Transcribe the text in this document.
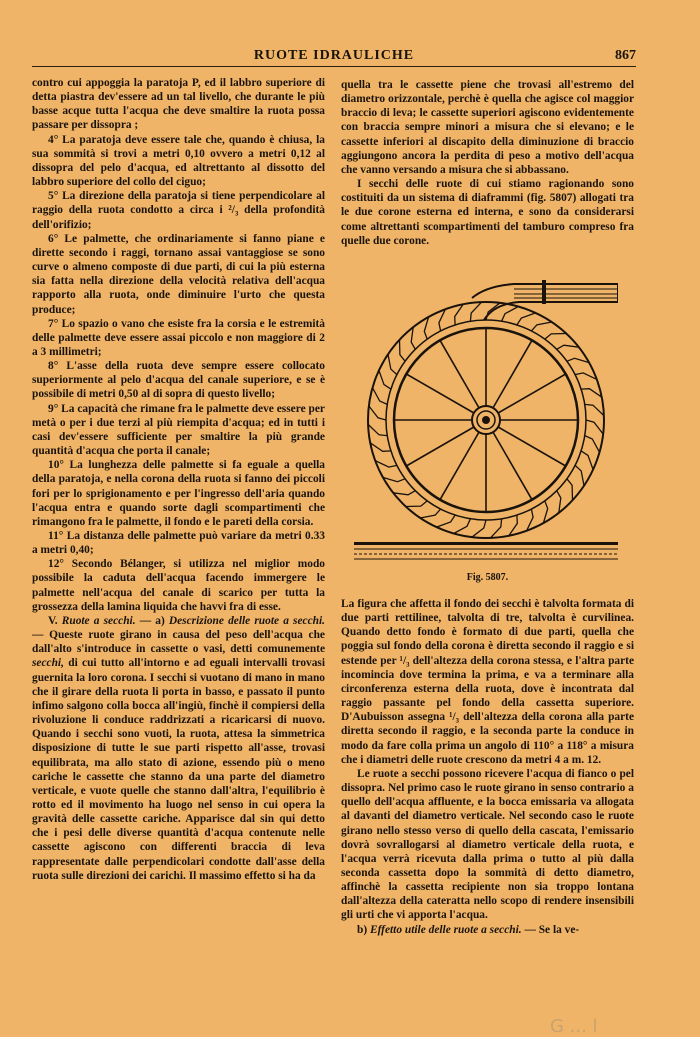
RUOTE IDRAULICHE	867

contro cui appoggia la paratoja P, ed il labbro superiore di detta piastra dev'essere ad un tal livello, che durante le più basse acque tutta l'acqua che deve smaltire la ruota possa passare per dissopra ;

4° La paratoja deve essere tale che, quando è chiusa, la sua sommità si trovi a metri 0,10 ovvero a metri 0,12 al dissopra del pelo d'acqua, ed altrettanto al dissotto del labbro superiore del collo del ciguo;

5° La direzione della paratoja si tiene perpendicolare al raggio della ruota condotto a circa i ²/₃ della profondità dell'orifizio;

6° Le palmette, che ordinariamente si fanno piane e dirette secondo i raggi, tornano assai vantaggiose se sono curve o almeno composte di due parti, di cui la più esterna sia fatta nella direzione della velocità relativa dell'acqua rapporto alla ruota, onde diminuire l'urto che questa produce;

7° Lo spazio o vano che esiste fra la corsia e le estremità delle palmette deve essere assai piccolo e non maggiore di 2 a 3 millimetri;

8° L'asse della ruota deve sempre essere collocato superiormente al pelo d'acqua del canale superiore, e se è possibile di metri 0,50 al di sopra di questo livello;

9° La capacità che rimane fra le palmette deve essere per metà o per i due terzi al più riempita d'acqua; ed in tutti i casi dev'essere sufficiente per smaltire la più grande quantità d'acqua che porta il canale;

10° La lunghezza delle palmette si fa eguale a quella della paratoja, e nella corona della ruota si fanno dei piccoli fori per lo sprigionamento e per l'ingresso dell'aria quando l'acqua entra e quando sorte dagli scompartimenti che rimangono fra le palmette, il fondo e le pareti della corsia.

11° La distanza delle palmette può variare da metri 0.33 a metri 0,40;

12° Secondo Bélanger, si utilizza nel miglior modo possibile la caduta dell'acqua facendo immergere le palmette nell'acqua del canale di scarico per tutta la grossezza della lamina liquida che havvi fra di esse.

V. Ruote a secchi. — a) Descrizione delle ruote a secchi. — Queste ruote girano in causa del peso dell'acqua che dall'alto s'introduce in cassette o vasi, detti comunemente secchi, di cui tutto all'intorno e ad eguali intervalli trovasi guernita la loro corona. I secchi si vuotano di mano in mano che il girare della ruota li porta in basso, e passato il punto infimo salgono colla bocca all'ingiù, finchè il compiersi della rivoluzione li conduce raddrizzati a ricaricarsi di nuovo. Quando i secchi sono vuoti, la ruota, attesa la simmetrica disposizione di tutte le sue parti rispetto all'asse, trovasi equilibrata, ma allo stato di azione, essendo più o meno cariche le cassette che stanno da una parte del diametro verticale, e vuote quelle che stanno dall'altra, l'equilibrio è rotto ed il movimento ha luogo nel senso in cui opera la gravità delle cassette cariche. Apparisce dal sin qui detto che i pesi delle diverse quantità d'acqua contenute nelle cassette agiscono con differenti braccia di leva rappresentate dalle perpendicolari condotte dall'asse della ruota sulle direzioni dei carichi. Il massimo effetto si ha da

quella tra le cassette piene che trovasi all'estremo del diametro orizzontale, perchè è quella che agisce col maggior braccio di leva; le cassette superiori agiscono evidentemente con braccia sempre minori a misura che si elevano; e le cassette inferiori al discapito della diminuzione di braccio aggiungono ancora la perdita di peso a motivo dell'acqua che vanno versando a misura che si abbassano.

I secchi delle ruote di cui stiamo ragionando sono costituiti da un sistema di diaframmi (fig. 5807) allogati tra le due corone esterna ed interna, e sono da considerarsi come altrettanti scompartimenti del tamburo compreso fra quelle due corone.

Fig. 5807.

La figura che affetta il fondo dei secchi è talvolta formata di due parti rettilinee, talvolta di tre, talvolta è curvilinea. Quando detto fondo è formato di due parti, quella che poggia sul fondo della corona è diretta secondo il raggio e si estende per ¹/₃ dell'altezza della corona stessa, e l'altra parte incomincia dove termina la prima, e va a terminare alla circonferenza esterna della ruota, dove è incontrata dal raggio passante pel fondo della cassetta superiore. D'Aubuisson assegna ¹/₃ dell'altezza della corona alla parte diretta secondo il raggio, e la seconda parte la conduce in modo da fare colla prima un angolo di 110° a 118° a misura che i diametri delle ruote crescono da metri 4 a m. 12.

Le ruote a secchi possono ricevere l'acqua di fianco o pel dissopra. Nel primo caso le ruote girano in senso contrario a quello dell'acqua affluente, e la bocca emissaria va allogata al davanti del diametro verticale. Nel secondo caso le ruote girano nello stesso verso di quello della cascata, l'emissario dovrà sovrallogarsi al diametro verticale della ruota, e l'acqua verrà ricevuta dalla prima o tutto al più dalla seconda cassetta dopo la sommità di detto diametro, affinchè la cassetta recipiente non sia troppo lontana dall'altezza della cateratta nello scopo di rendere insensibili gli urti che vi apporta l'acqua.

b) Effetto utile delle ruote a secchi. — Se la ve-

G ... l
